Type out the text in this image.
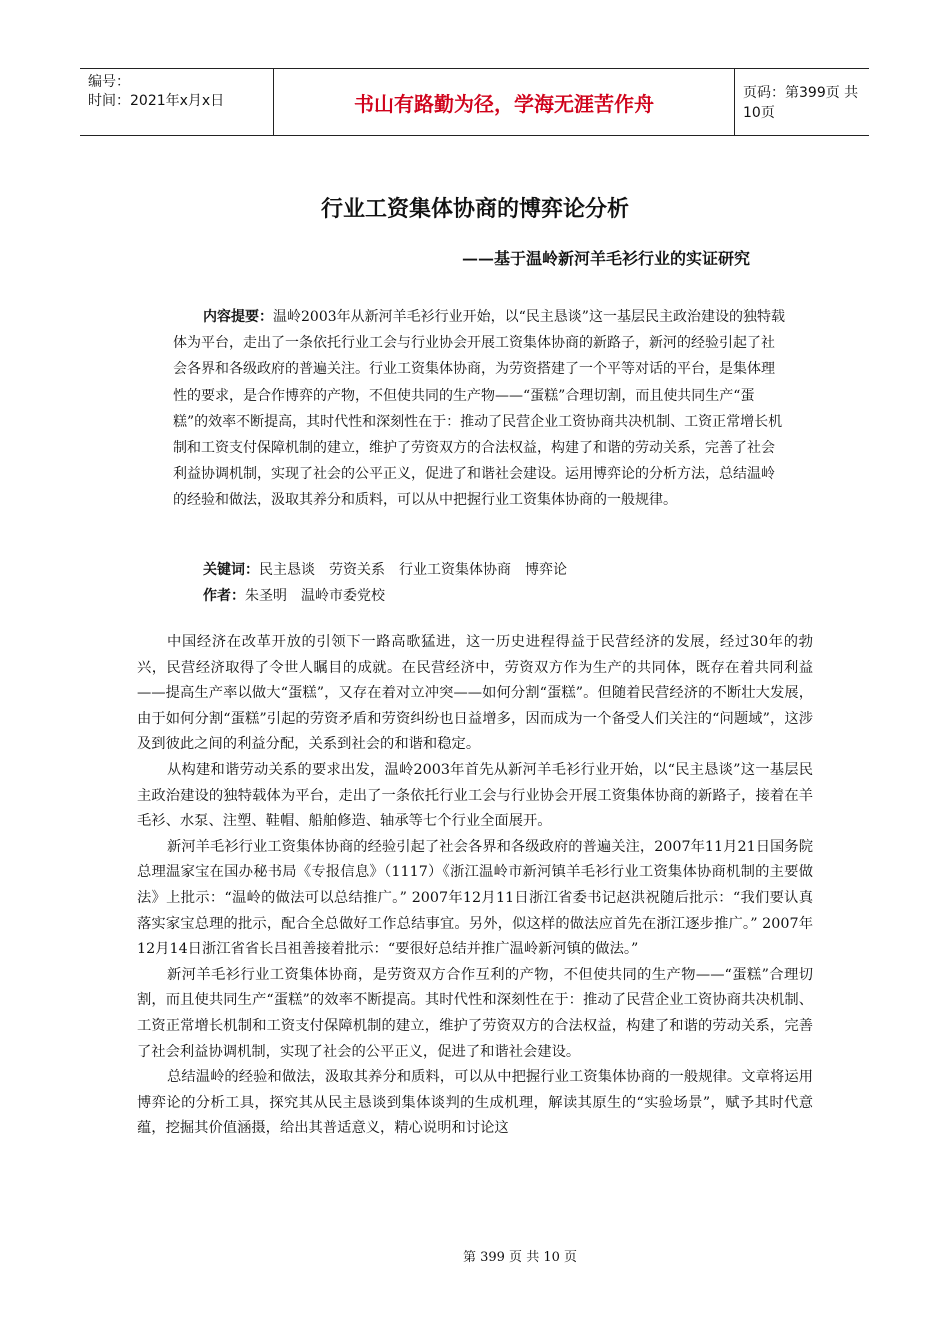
编号：
时间：2021年x月x日	书山有路勤为径，学海无涯苦作舟	页码：第399页 共10页
行业工资集体协商的博弈论分析
——基于温岭新河羊毛衫行业的实证研究

内容提要：温岭2003年从新河羊毛衫行业开始，以“民主恳谈”这一基层民主政治建设的独特载体为平台，走出了一条依托行业工会与行业协会开展工资集体协商的新路子，新河的经验引起了社会各界和各级政府的普遍关注。行业工资集体协商，为劳资搭建了一个平等对话的平台，是集体理性的要求，是合作博弈的产物，不但使共同的生产物——“蛋糕”合理切割，而且使共同生产“蛋糕”的效率不断提高，其时代性和深刻性在于：推动了民营企业工资协商共决机制、工资正常增长机制和工资支付保障机制的建立，维护了劳资双方的合法权益，构建了和谐的劳动关系，完善了社会利益协调机制，实现了社会的公平正义，促进了和谐社会建设。运用博弈论的分析方法，总结温岭的经验和做法，汲取其养分和质料，可以从中把握行业工资集体协商的一般规律。

关键词：民主恳谈 劳资关系 行业工资集体协商 博弈论
作者：朱圣明 温岭市委党校

中国经济在改革开放的引领下一路高歌猛进，这一历史进程得益于民营经济的发展，经过30年的勃兴，民营经济取得了令世人瞩目的成就。在民营经济中，劳资双方作为生产的共同体，既存在着共同利益——提高生产率以做大“蛋糕”，又存在着对立冲突——如何分割“蛋糕”。但随着民营经济的不断壮大发展，由于如何分割“蛋糕”引起的劳资矛盾和劳资纠纷也日益增多，因而成为一个备受人们关注的“问题域”，这涉及到彼此之间的利益分配，关系到社会的和谐和稳定。

从构建和谐劳动关系的要求出发，温岭2003年首先从新河羊毛衫行业开始，以“民主恳谈”这一基层民主政治建设的独特载体为平台，走出了一条依托行业工会与行业协会开展工资集体协商的新路子，接着在羊毛衫、水泵、注塑、鞋帽、船舶修造、轴承等七个行业全面展开。

新河羊毛衫行业工资集体协商的经验引起了社会各界和各级政府的普遍关注，2007年11月21日国务院总理温家宝在国办秘书局《专报信息》（1117）《浙江温岭市新河镇羊毛衫行业工资集体协商机制的主要做法》上批示：“温岭的做法可以总结推广。” 2007年12月11日浙江省委书记赵洪祝随后批示：“我们要认真落实家宝总理的批示，配合全总做好工作总结事宜。另外，似这样的做法应首先在浙江逐步推广。” 2007年12月14日浙江省省长吕祖善接着批示：“要很好总结并推广温岭新河镇的做法。”

新河羊毛衫行业工资集体协商，是劳资双方合作互利的产物，不但使共同的生产物——“蛋糕”合理切割，而且使共同生产“蛋糕”的效率不断提高。其时代性和深刻性在于：推动了民营企业工资协商共决机制、工资正常增长机制和工资支付保障机制的建立，维护了劳资双方的合法权益，构建了和谐的劳动关系，完善了社会利益协调机制，实现了社会的公平正义，促进了和谐社会建设。

总结温岭的经验和做法，汲取其养分和质料，可以从中把握行业工资集体协商的一般规律。文章将运用博弈论的分析工具，探究其从民主恳谈到集体谈判的生成机理，解读其原生的“实验场景”，赋予其时代意蕴，挖掘其价值涵摄，给出其普适意义，精心说明和讨论这

第 399 页 共 10 页
